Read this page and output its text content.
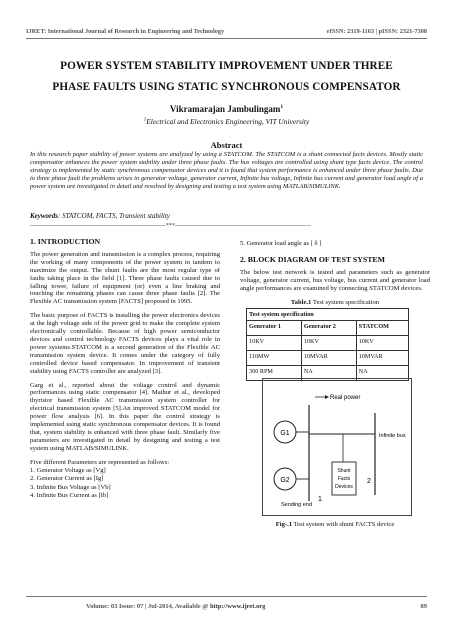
IJRET: International Journal of Research in Engineering and Technology	eISSN: 2319-1163 | pISSN: 2321-7308
POWER SYSTEM STABILITY IMPROVEMENT UNDER THREE
PHASE FAULTS USING STATIC SYNCHRONOUS COMPENSATOR
Vikramarajan Jambulingam$^1$
$^1$Electrical and Electronics Engineering, VIT University
Abstract
In this research paper stability of power systems are analyzed by using a STATCOM. The STATCOM is a shunt connected facts devices. Mostly static compensator enhances the power system stability under three phase faults. The bus voltages are controlled using shunt type facts device. The control strategy is implemented by static synchronous compensator devices and it is found that system performance is enhanced under three phase faults. Due to three phase fault the problems arises in generator voltage, generator current, Infinite bus voltage, Infinite bus current and generator load angle of a power system are investigated in detail and resolved by designing and testing a test system using MATLAB/SIMULINK.
Keywords: STATCOM, FACTS, Transient stability
--------------------------------------------------------------------***--------------------------------------------------------------------
1. INTRODUCTION
The power generation and transmission is a complex process, requiring the working of many components of the power system in tandem to maximize the output. The shunt faults are the most regular type of faults taking place in the field [1]. Three phase faults caused due to falling tower, failure of equipment (or) even a line braking and touching the remaining phases can cause three phase faults [2]. The Flexible AC transmission system [FACTS] proposed in 1995.
The basic purpose of FACTS is installing the power electronics devices at the high voltage side of the power grid to make the complete system electronically controllable. Because of high power semiconductor devices and control technology FACTS devices plays a vital role in power systems.STATCOM is a second generation of the Flexible AC transmission system device. It comes under the category of fully controlled device based compensator. In improvement of transient stability using FACTS controller are analyzed [3].
Garg et al., reported about the voltage control and dynamic performances using static compensator [4]. Mathur et al., developed thyristor based Flexible AC transmission system controller for electrical transmission system [5].An improved STATCOM model for power flow analysis [6]. In this paper the control strategy is implemented using static synchronous compensator devices. It is found that, system stability is enhanced with three phase fault. Similarly five parameters are investigated in detail by designing and testing a test system using MATLAB/SIMULINK.
Five different Parameters are represented as follows:
1. Generator Voltage as [Vg]
2. Generator Current as [Ig]
3. Infinite Bus Voltage as [Vb]
4. Infinite Bus Current as [Ib]
5. Generator load angle as [ δ ]
2. BLOCK DIAGRAM OF TEST SYSTEM
The below test network is tested and parameters such as generator voltage, generator current, bus voltage, bus current and generator load angle performances are examined by connecting STATCOM devices.
Table.1 Test system specification
Test system specification		
Generator 1	Generator 2	STATCOM
10KV	10KV	10KV
110MW	10MVAR	10MVAR
300 RPM	NA	NA
Real power
G1
G2
Infinite bus
Sending end
Shunt
Facts
Devices
1
2
Fig-.1 Test system with shunt FACTS device
Volume: 03 Issue: 07 | Jul-2014, Available @ http://www.ijret.org	89
